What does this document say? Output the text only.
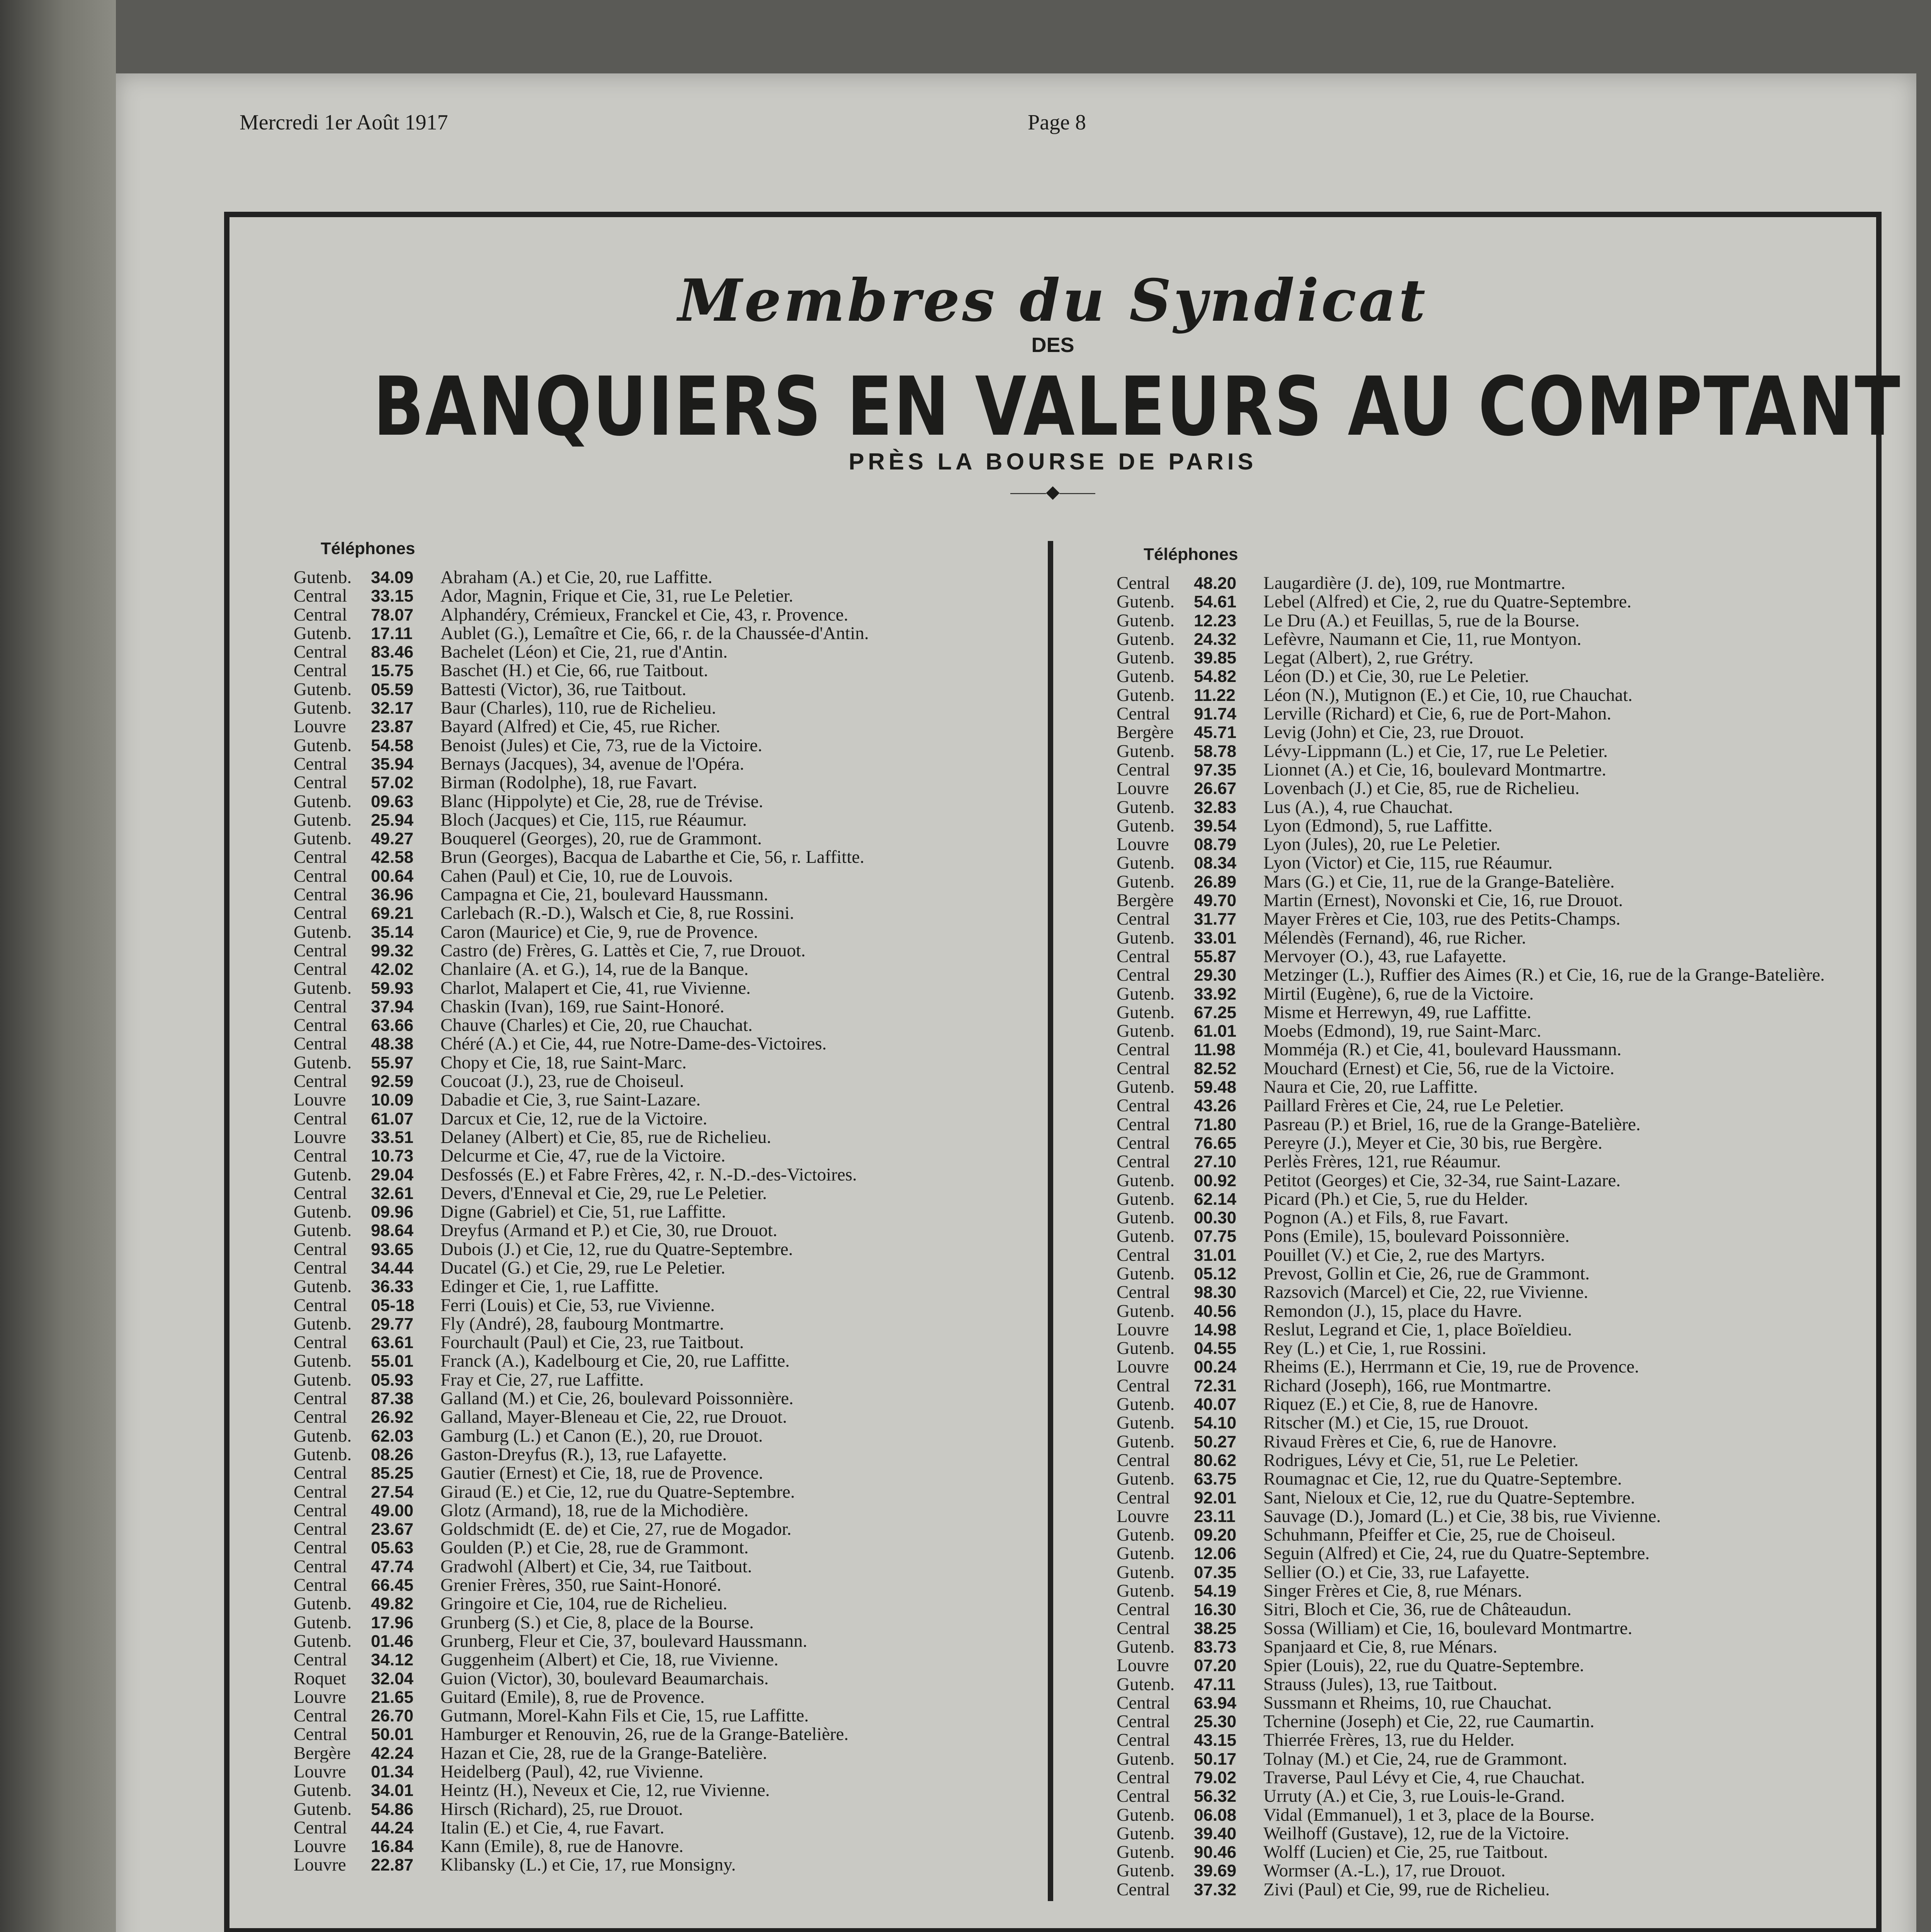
Mercredi 1er Août 1917	Page 8
Membres du Syndicat
DES
BANQUIERS EN VALEURS AU COMPTANT
PRÈS LA BOURSE DE PARIS
——◆——
Téléphones	Téléphones
Gutenb. 34.09 Abraham (A.) et Cie, 20, rue Laffitte.
Central 33.15 Ador, Magnin, Frique et Cie, 31, rue Le Peletier.
Central 78.07 Alphandéry, Crémieux, Franckel et Cie, 43, r. Provence.
Gutenb. 17.11 Aublet (G.), Lemaître et Cie, 66, r. de la Chaussée-d'Antin.
Central 83.46 Bachelet (Léon) et Cie, 21, rue d'Antin.
Central 15.75 Baschet (H.) et Cie, 66, rue Taitbout.
Gutenb. 05.59 Battesti (Victor), 36, rue Taitbout.
Gutenb. 32.17 Baur (Charles), 110, rue de Richelieu.
Louvre 23.87 Bayard (Alfred) et Cie, 45, rue Richer.
Gutenb. 54.58 Benoist (Jules) et Cie, 73, rue de la Victoire.
Central 35.94 Bernays (Jacques), 34, avenue de l'Opéra.
Central 57.02 Birman (Rodolphe), 18, rue Favart.
Gutenb. 09.63 Blanc (Hippolyte) et Cie, 28, rue de Trévise.
Gutenb. 25.94 Bloch (Jacques) et Cie, 115, rue Réaumur.
Gutenb. 49.27 Bouquerel (Georges), 20, rue de Grammont.
Central 42.58 Brun (Georges), Bacqua de Labarthe et Cie, 56, r. Laffitte.
Central 00.64 Cahen (Paul) et Cie, 10, rue de Louvois.
Central 36.96 Campagna et Cie, 21, boulevard Haussmann.
Central 69.21 Carlebach (R.-D.), Walsch et Cie, 8, rue Rossini.
Gutenb. 35.14 Caron (Maurice) et Cie, 9, rue de Provence.
Central 99.32 Castro (de) Frères, G. Lattès et Cie, 7, rue Drouot.
Central 42.02 Chanlaire (A. et G.), 14, rue de la Banque.
Gutenb. 59.93 Charlot, Malapert et Cie, 41, rue Vivienne.
Central 37.94 Chaskin (Ivan), 169, rue Saint-Honoré.
Central 63.66 Chauve (Charles) et Cie, 20, rue Chauchat.
Central 48.38 Chéré (A.) et Cie, 44, rue Notre-Dame-des-Victoires.
Gutenb. 55.97 Chopy et Cie, 18, rue Saint-Marc.
Central 92.59 Coucoat (J.), 23, rue de Choiseul.
Louvre 10.09 Dabadie et Cie, 3, rue Saint-Lazare.
Central 61.07 Darcux et Cie, 12, rue de la Victoire.
Louvre 33.51 Delaney (Albert) et Cie, 85, rue de Richelieu.
Central 10.73 Delcurme et Cie, 47, rue de la Victoire.
Gutenb. 29.04 Desfossés (E.) et Fabre Frères, 42, r. N.-D.-des-Victoires.
Central 32.61 Devers, d'Enneval et Cie, 29, rue Le Peletier.
Gutenb. 09.96 Digne (Gabriel) et Cie, 51, rue Laffitte.
Gutenb. 98.64 Dreyfus (Armand et P.) et Cie, 30, rue Drouot.
Central 93.65 Dubois (J.) et Cie, 12, rue du Quatre-Septembre.
Central 34.44 Ducatel (G.) et Cie, 29, rue Le Peletier.
Gutenb. 36.33 Edinger et Cie, 1, rue Laffitte.
Central 05-18 Ferri (Louis) et Cie, 53, rue Vivienne.
Gutenb. 29.77 Fly (André), 28, faubourg Montmartre.
Central 63.61 Fourchault (Paul) et Cie, 23, rue Taitbout.
Gutenb. 55.01 Franck (A.), Kadelbourg et Cie, 20, rue Laffitte.
Gutenb. 05.93 Fray et Cie, 27, rue Laffitte.
Central 87.38 Galland (M.) et Cie, 26, boulevard Poissonnière.
Central 26.92 Galland, Mayer-Bleneau et Cie, 22, rue Drouot.
Gutenb. 62.03 Gamburg (L.) et Canon (E.), 20, rue Drouot.
Gutenb. 08.26 Gaston-Dreyfus (R.), 13, rue Lafayette.
Central 85.25 Gautier (Ernest) et Cie, 18, rue de Provence.
Central 27.54 Giraud (E.) et Cie, 12, rue du Quatre-Septembre.
Central 49.00 Glotz (Armand), 18, rue de la Michodière.
Central 23.67 Goldschmidt (E. de) et Cie, 27, rue de Mogador.
Central 05.63 Goulden (P.) et Cie, 28, rue de Grammont.
Central 47.74 Gradwohl (Albert) et Cie, 34, rue Taitbout.
Central 66.45 Grenier Frères, 350, rue Saint-Honoré.
Gutenb. 49.82 Gringoire et Cie, 104, rue de Richelieu.
Gutenb. 17.96 Grunberg (S.) et Cie, 8, place de la Bourse.
Gutenb. 01.46 Grunberg, Fleur et Cie, 37, boulevard Haussmann.
Central 34.12 Guggenheim (Albert) et Cie, 18, rue Vivienne.
Roquet 32.04 Guion (Victor), 30, boulevard Beaumarchais.
Louvre 21.65 Guitard (Emile), 8, rue de Provence.
Central 26.70 Gutmann, Morel-Kahn Fils et Cie, 15, rue Laffitte.
Central 50.01 Hamburger et Renouvin, 26, rue de la Grange-Batelière.
Bergère 42.24 Hazan et Cie, 28, rue de la Grange-Batelière.
Louvre 01.34 Heidelberg (Paul), 42, rue Vivienne.
Gutenb. 34.01 Heintz (H.), Neveux et Cie, 12, rue Vivienne.
Gutenb. 54.86 Hirsch (Richard), 25, rue Drouot.
Central 44.24 Italin (E.) et Cie, 4, rue Favart.
Louvre 16.84 Kann (Emile), 8, rue de Hanovre.
Louvre 22.87 Klibansky (L.) et Cie, 17, rue Monsigny.
Central 48.20 Laugardière (J. de), 109, rue Montmartre.
Gutenb. 54.61 Lebel (Alfred) et Cie, 2, rue du Quatre-Septembre.
Gutenb. 12.23 Le Dru (A.) et Feuillas, 5, rue de la Bourse.
Gutenb. 24.32 Lefèvre, Naumann et Cie, 11, rue Montyon.
Gutenb. 39.85 Legat (Albert), 2, rue Grétry.
Gutenb. 54.82 Léon (D.) et Cie, 30, rue Le Peletier.
Gutenb. 11.22 Léon (N.), Mutignon (E.) et Cie, 10, rue Chauchat.
Central 91.74 Lerville (Richard) et Cie, 6, rue de Port-Mahon.
Bergère 45.71 Levig (John) et Cie, 23, rue Drouot.
Gutenb. 58.78 Lévy-Lippmann (L.) et Cie, 17, rue Le Peletier.
Central 97.35 Lionnet (A.) et Cie, 16, boulevard Montmartre.
Louvre 26.67 Lovenbach (J.) et Cie, 85, rue de Richelieu.
Gutenb. 32.83 Lus (A.), 4, rue Chauchat.
Gutenb. 39.54 Lyon (Edmond), 5, rue Laffitte.
Louvre 08.79 Lyon (Jules), 20, rue Le Peletier.
Gutenb. 08.34 Lyon (Victor) et Cie, 115, rue Réaumur.
Gutenb. 26.89 Mars (G.) et Cie, 11, rue de la Grange-Batelière.
Bergère 49.70 Martin (Ernest), Novonski et Cie, 16, rue Drouot.
Central 31.77 Mayer Frères et Cie, 103, rue des Petits-Champs.
Gutenb. 33.01 Mélendès (Fernand), 46, rue Richer.
Central 55.87 Mervoyer (O.), 43, rue Lafayette.
Central 29.30 Metzinger (L.), Ruffier des Aimes (R.) et Cie, 16, rue de la Grange-Batelière.
Gutenb. 33.92 Mirtil (Eugène), 6, rue de la Victoire.
Gutenb. 67.25 Misme et Herrewyn, 49, rue Laffitte.
Gutenb. 61.01 Moebs (Edmond), 19, rue Saint-Marc.
Central 11.98 Momméja (R.) et Cie, 41, boulevard Haussmann.
Central 82.52 Mouchard (Ernest) et Cie, 56, rue de la Victoire.
Gutenb. 59.48 Naura et Cie, 20, rue Laffitte.
Central 43.26 Paillard Frères et Cie, 24, rue Le Peletier.
Central 71.80 Pasreau (P.) et Briel, 16, rue de la Grange-Batelière.
Central 76.65 Pereyre (J.), Meyer et Cie, 30 bis, rue Bergère.
Central 27.10 Perlès Frères, 121, rue Réaumur.
Gutenb. 00.92 Petitot (Georges) et Cie, 32-34, rue Saint-Lazare.
Gutenb. 62.14 Picard (Ph.) et Cie, 5, rue du Helder.
Gutenb. 00.30 Pognon (A.) et Fils, 8, rue Favart.
Gutenb. 07.75 Pons (Emile), 15, boulevard Poissonnière.
Central 31.01 Pouillet (V.) et Cie, 2, rue des Martyrs.
Gutenb. 05.12 Prevost, Gollin et Cie, 26, rue de Grammont.
Central 98.30 Razsovich (Marcel) et Cie, 22, rue Vivienne.
Gutenb. 40.56 Remondon (J.), 15, place du Havre.
Louvre 14.98 Reslut, Legrand et Cie, 1, place Boïeldieu.
Gutenb. 04.55 Rey (L.) et Cie, 1, rue Rossini.
Louvre 00.24 Rheims (E.), Herrmann et Cie, 19, rue de Provence.
Central 72.31 Richard (Joseph), 166, rue Montmartre.
Gutenb. 40.07 Riquez (E.) et Cie, 8, rue de Hanovre.
Gutenb. 54.10 Ritscher (M.) et Cie, 15, rue Drouot.
Gutenb. 50.27 Rivaud Frères et Cie, 6, rue de Hanovre.
Central 80.62 Rodrigues, Lévy et Cie, 51, rue Le Peletier.
Gutenb. 63.75 Roumagnac et Cie, 12, rue du Quatre-Septembre.
Central 92.01 Sant, Nieloux et Cie, 12, rue du Quatre-Septembre.
Louvre 23.11 Sauvage (D.), Jomard (L.) et Cie, 38 bis, rue Vivienne.
Gutenb. 09.20 Schuhmann, Pfeiffer et Cie, 25, rue de Choiseul.
Gutenb. 12.06 Seguin (Alfred) et Cie, 24, rue du Quatre-Septembre.
Gutenb. 07.35 Sellier (O.) et Cie, 33, rue Lafayette.
Gutenb. 54.19 Singer Frères et Cie, 8, rue Ménars.
Central 16.30 Sitri, Bloch et Cie, 36, rue de Châteaudun.
Central 38.25 Sossa (William) et Cie, 16, boulevard Montmartre.
Gutenb. 83.73 Spanjaard et Cie, 8, rue Ménars.
Louvre 07.20 Spier (Louis), 22, rue du Quatre-Septembre.
Gutenb. 47.11 Strauss (Jules), 13, rue Taitbout.
Central 63.94 Sussmann et Rheims, 10, rue Chauchat.
Central 25.30 Tchernine (Joseph) et Cie, 22, rue Caumartin.
Central 43.15 Thierrée Frères, 13, rue du Helder.
Gutenb. 50.17 Tolnay (M.) et Cie, 24, rue de Grammont.
Central 79.02 Traverse, Paul Lévy et Cie, 4, rue Chauchat.
Central 56.32 Urruty (A.) et Cie, 3, rue Louis-le-Grand.
Gutenb. 06.08 Vidal (Emmanuel), 1 et 3, place de la Bourse.
Gutenb. 39.40 Weilhoff (Gustave), 12, rue de la Victoire.
Gutenb. 90.46 Wolff (Lucien) et Cie, 25, rue Taitbout.
Gutenb. 39.69 Wormser (A.-L.), 17, rue Drouot.
Central 37.32 Zivi (Paul) et Cie, 99, rue de Richelieu.
